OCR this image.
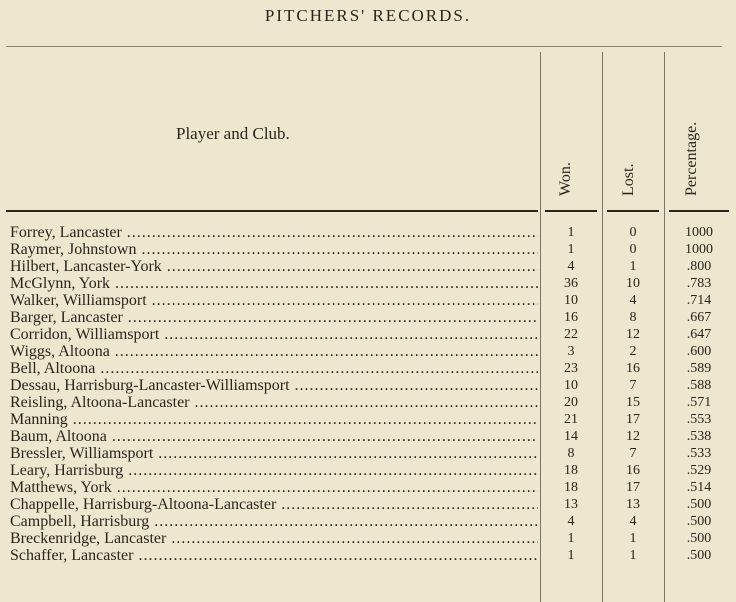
PITCHERS' RECORDS.
Player and Club.
Won.	Lost.	Percentage.
Forrey, Lancaster .....	1	0	1000
Raymer, Johnstown .....	1	0	1000
Hilbert, Lancaster-York .....	4	1	.800
McGlynn, York .....	36	10	.783
Walker, Williamsport .....	10	4	.714
Barger, Lancaster .....	16	8	.667
Corridon, Williamsport .....	22	12	.647
Wiggs, Altoona .....	3	2	.600
Bell, Altoona .....	23	16	.589
Dessau, Harrisburg-Lancaster-Williamsport .....	10	7	.588
Reisling, Altoona-Lancaster .....	20	15	.571
Manning .....	21	17	.553
Baum, Altoona .....	14	12	.538
Bressler, Williamsport .....	8	7	.533
Leary, Harrisburg .....	18	16	.529
Matthews, York .....	18	17	.514
Chappelle, Harrisburg-Altoona-Lancaster .....	13	13	.500
Campbell, Harrisburg .....	4	4	.500
Breckenridge, Lancaster .....	1	1	.500
Schaffer, Lancaster .....	1	1	.500
